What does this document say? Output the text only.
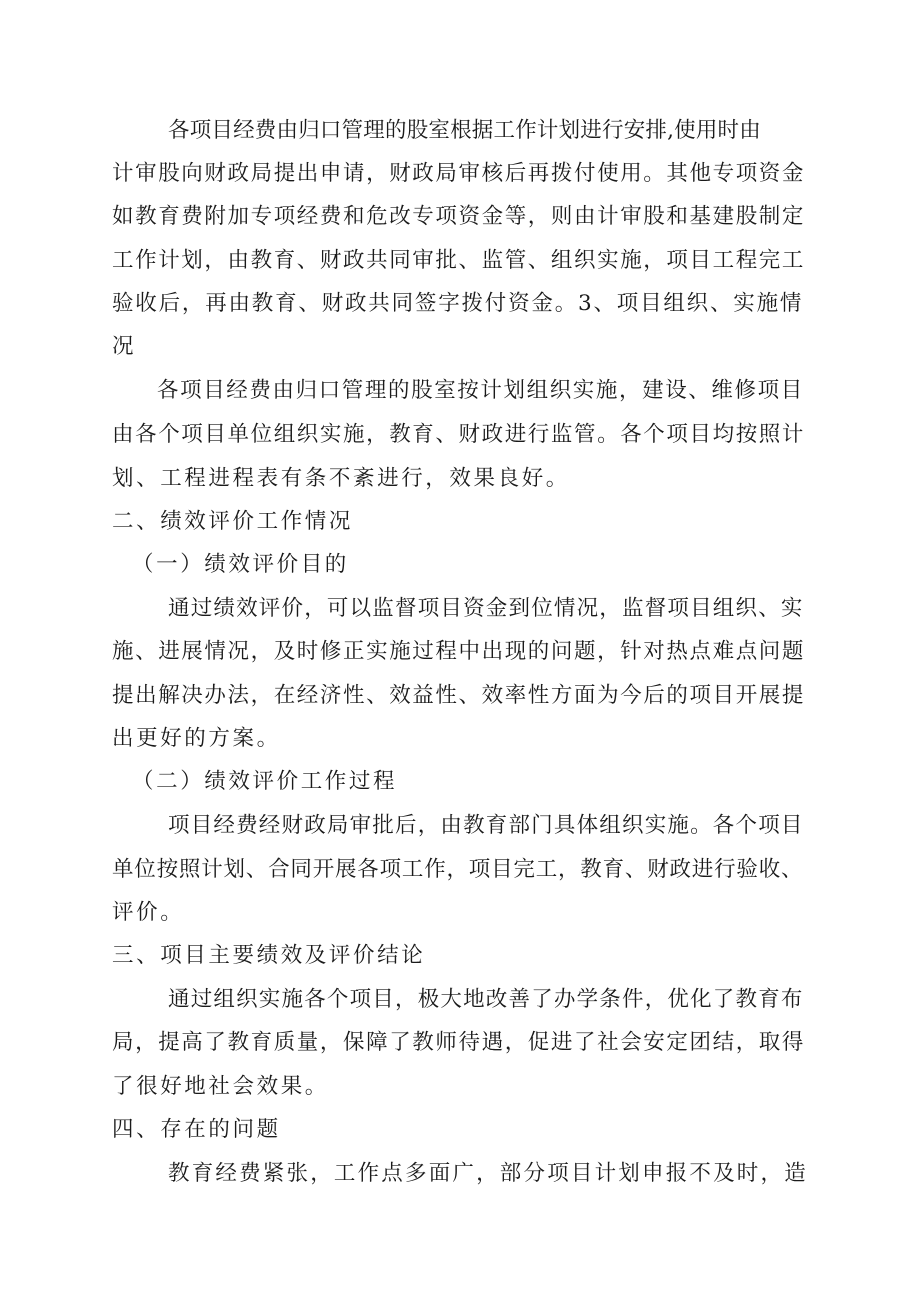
各项目经费由归口管理的股室根据工作计划进行安排,使用时由
计审股向财政局提出申请，财政局审核后再拨付使用。其他专项资金
如教育费附加专项经费和危改专项资金等，则由计审股和基建股制定
工作计划，由教育、财政共同审批、监管、组织实施，项目工程完工
验收后，再由教育、财政共同签字拨付资金。3、项目组织、实施情
况
各项目经费由归口管理的股室按计划组织实施，建设、维修项目
由各个项目单位组织实施，教育、财政进行监管。各个项目均按照计
划、工程进程表有条不紊进行，效果良好。
二、绩效评价工作情况
（一）绩效评价目的
通过绩效评价，可以监督项目资金到位情况，监督项目组织、实
施、进展情况，及时修正实施过程中出现的问题，针对热点难点问题
提出解决办法，在经济性、效益性、效率性方面为今后的项目开展提
出更好的方案。
（二）绩效评价工作过程
项目经费经财政局审批后，由教育部门具体组织实施。各个项目
单位按照计划、合同开展各项工作，项目完工，教育、财政进行验收、
评价。
三、项目主要绩效及评价结论
通过组织实施各个项目，极大地改善了办学条件，优化了教育布
局，提高了教育质量，保障了教师待遇，促进了社会安定团结，取得
了很好地社会效果。
四、存在的问题
教育经费紧张，工作点多面广，部分项目计划申报不及时，造
